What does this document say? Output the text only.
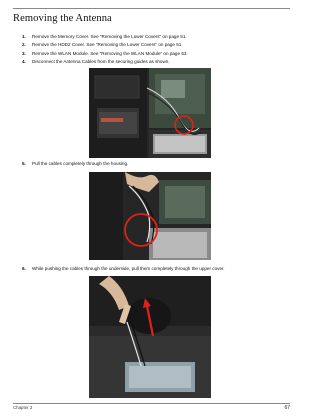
Removing the Antenna
1. Remove the Memory Cover. See "Removing the Lower Covers" on page 51.
2. Remove the HDD2 Cover. See "Removing the Lower Covers" on page 51.
3. Remove the WLAN Module. See "Removing the WLAN Module" on page 53.
4. Disconnect the Antenna Cables from the securing guides as shown.
5. Pull the cables completely through the housing.
6. While pushing the cables through the underside, pull them completely through the upper cover.
Chapter 3	67
